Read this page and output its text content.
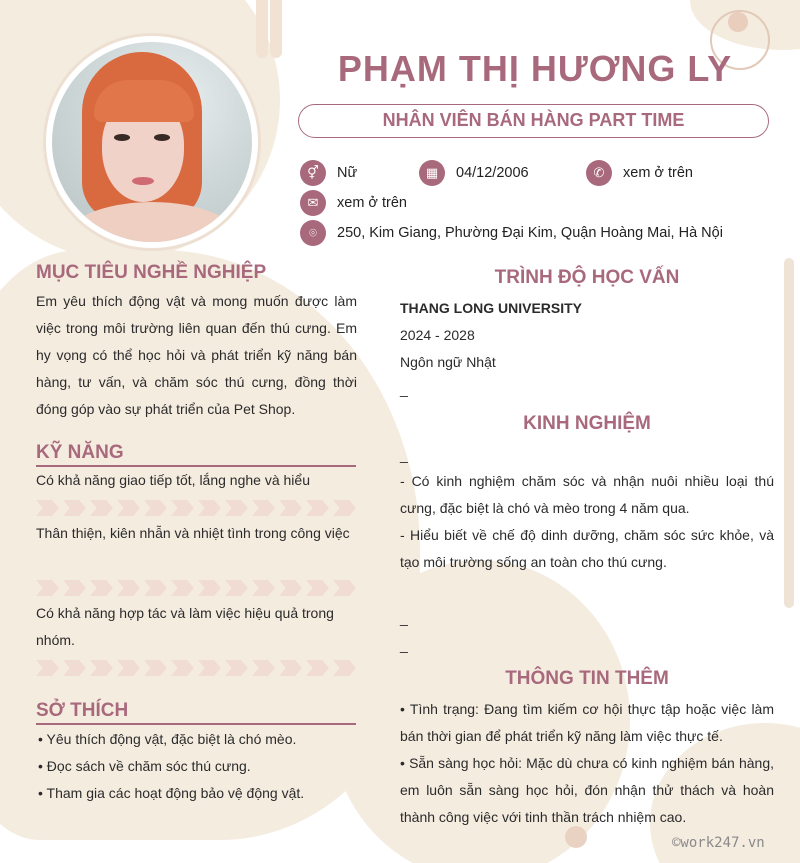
PHẠM THỊ HƯƠNG LY
NHÂN VIÊN BÁN HÀNG PART TIME
⚥	Nữ	▦	04/12/2006	✆	xem ở trên
✉	xem ở trên
⌾	250, Kim Giang, Phường Đại Kim, Quận Hoàng Mai, Hà Nội
MỤC TIÊU NGHỀ NGHIỆP
Em yêu thích động vật và mong muốn được làm việc trong môi trường liên quan đến thú cưng. Em hy vọng có thể học hỏi và phát triển kỹ năng bán hàng, tư vấn, và chăm sóc thú cưng, đồng thời đóng góp vào sự phát triển của Pet Shop.
KỸ NĂNG
Có khả năng giao tiếp tốt, lắng nghe và hiểu
Thân thiện, kiên nhẫn và nhiệt tình trong công việc
Có khả năng hợp tác và làm việc hiệu quả trong nhóm.
SỞ THÍCH
• Yêu thích động vật, đặc biệt là chó mèo.
• Đọc sách về chăm sóc thú cưng.
• Tham gia các hoạt động bảo vệ động vật.
TRÌNH ĐỘ HỌC VẤN
THANG LONG UNIVERSITY
2024 - 2028
Ngôn ngữ Nhật
_
KINH NGHIỆM
_
- Có kinh nghiệm chăm sóc và nhận nuôi nhiều loại thú cưng, đặc biệt là chó và mèo trong 4 năm qua.
- Hiểu biết về chế độ dinh dưỡng, chăm sóc sức khỏe, và tạo môi trường sống an toàn cho thú cưng.
_
_
THÔNG TIN THÊM
• Tình trạng: Đang tìm kiếm cơ hội thực tập hoặc việc làm bán thời gian để phát triển kỹ năng làm việc thực tế.
• Sẵn sàng học hỏi: Mặc dù chưa có kinh nghiệm bán hàng, em luôn sẵn sàng học hỏi, đón nhận thử thách và hoàn thành công việc với tinh thần trách nhiệm cao.
©work247.vn
